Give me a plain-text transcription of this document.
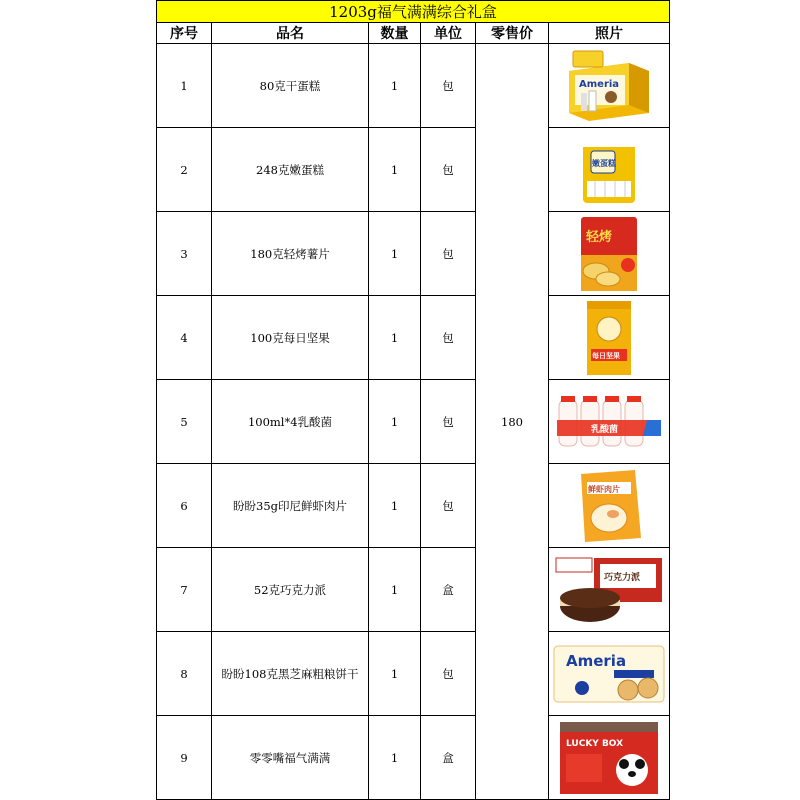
1203g福气满满综合礼盒					
序号	品名	数量	单位	零售价	照片
1	80克干蛋糕	1	包	180	Ameria

2	248克嫩蛋糕	1	包		嫩蛋糕

3	180克轻烤薯片	1	包		轻烤

4	100克每日坚果	1	包		每日坚果

5	100ml*4乳酸菌	1	包		乳酸菌

6	盼盼35g印尼鲜虾肉片	1	包		鲜虾肉片

7	52克巧克力派	1	盒		巧克力派

8	盼盼108克黑芝麻粗粮饼干	1	包		Ameria

9	零零嘴福气满满	1	盒		LUCKY BOX
